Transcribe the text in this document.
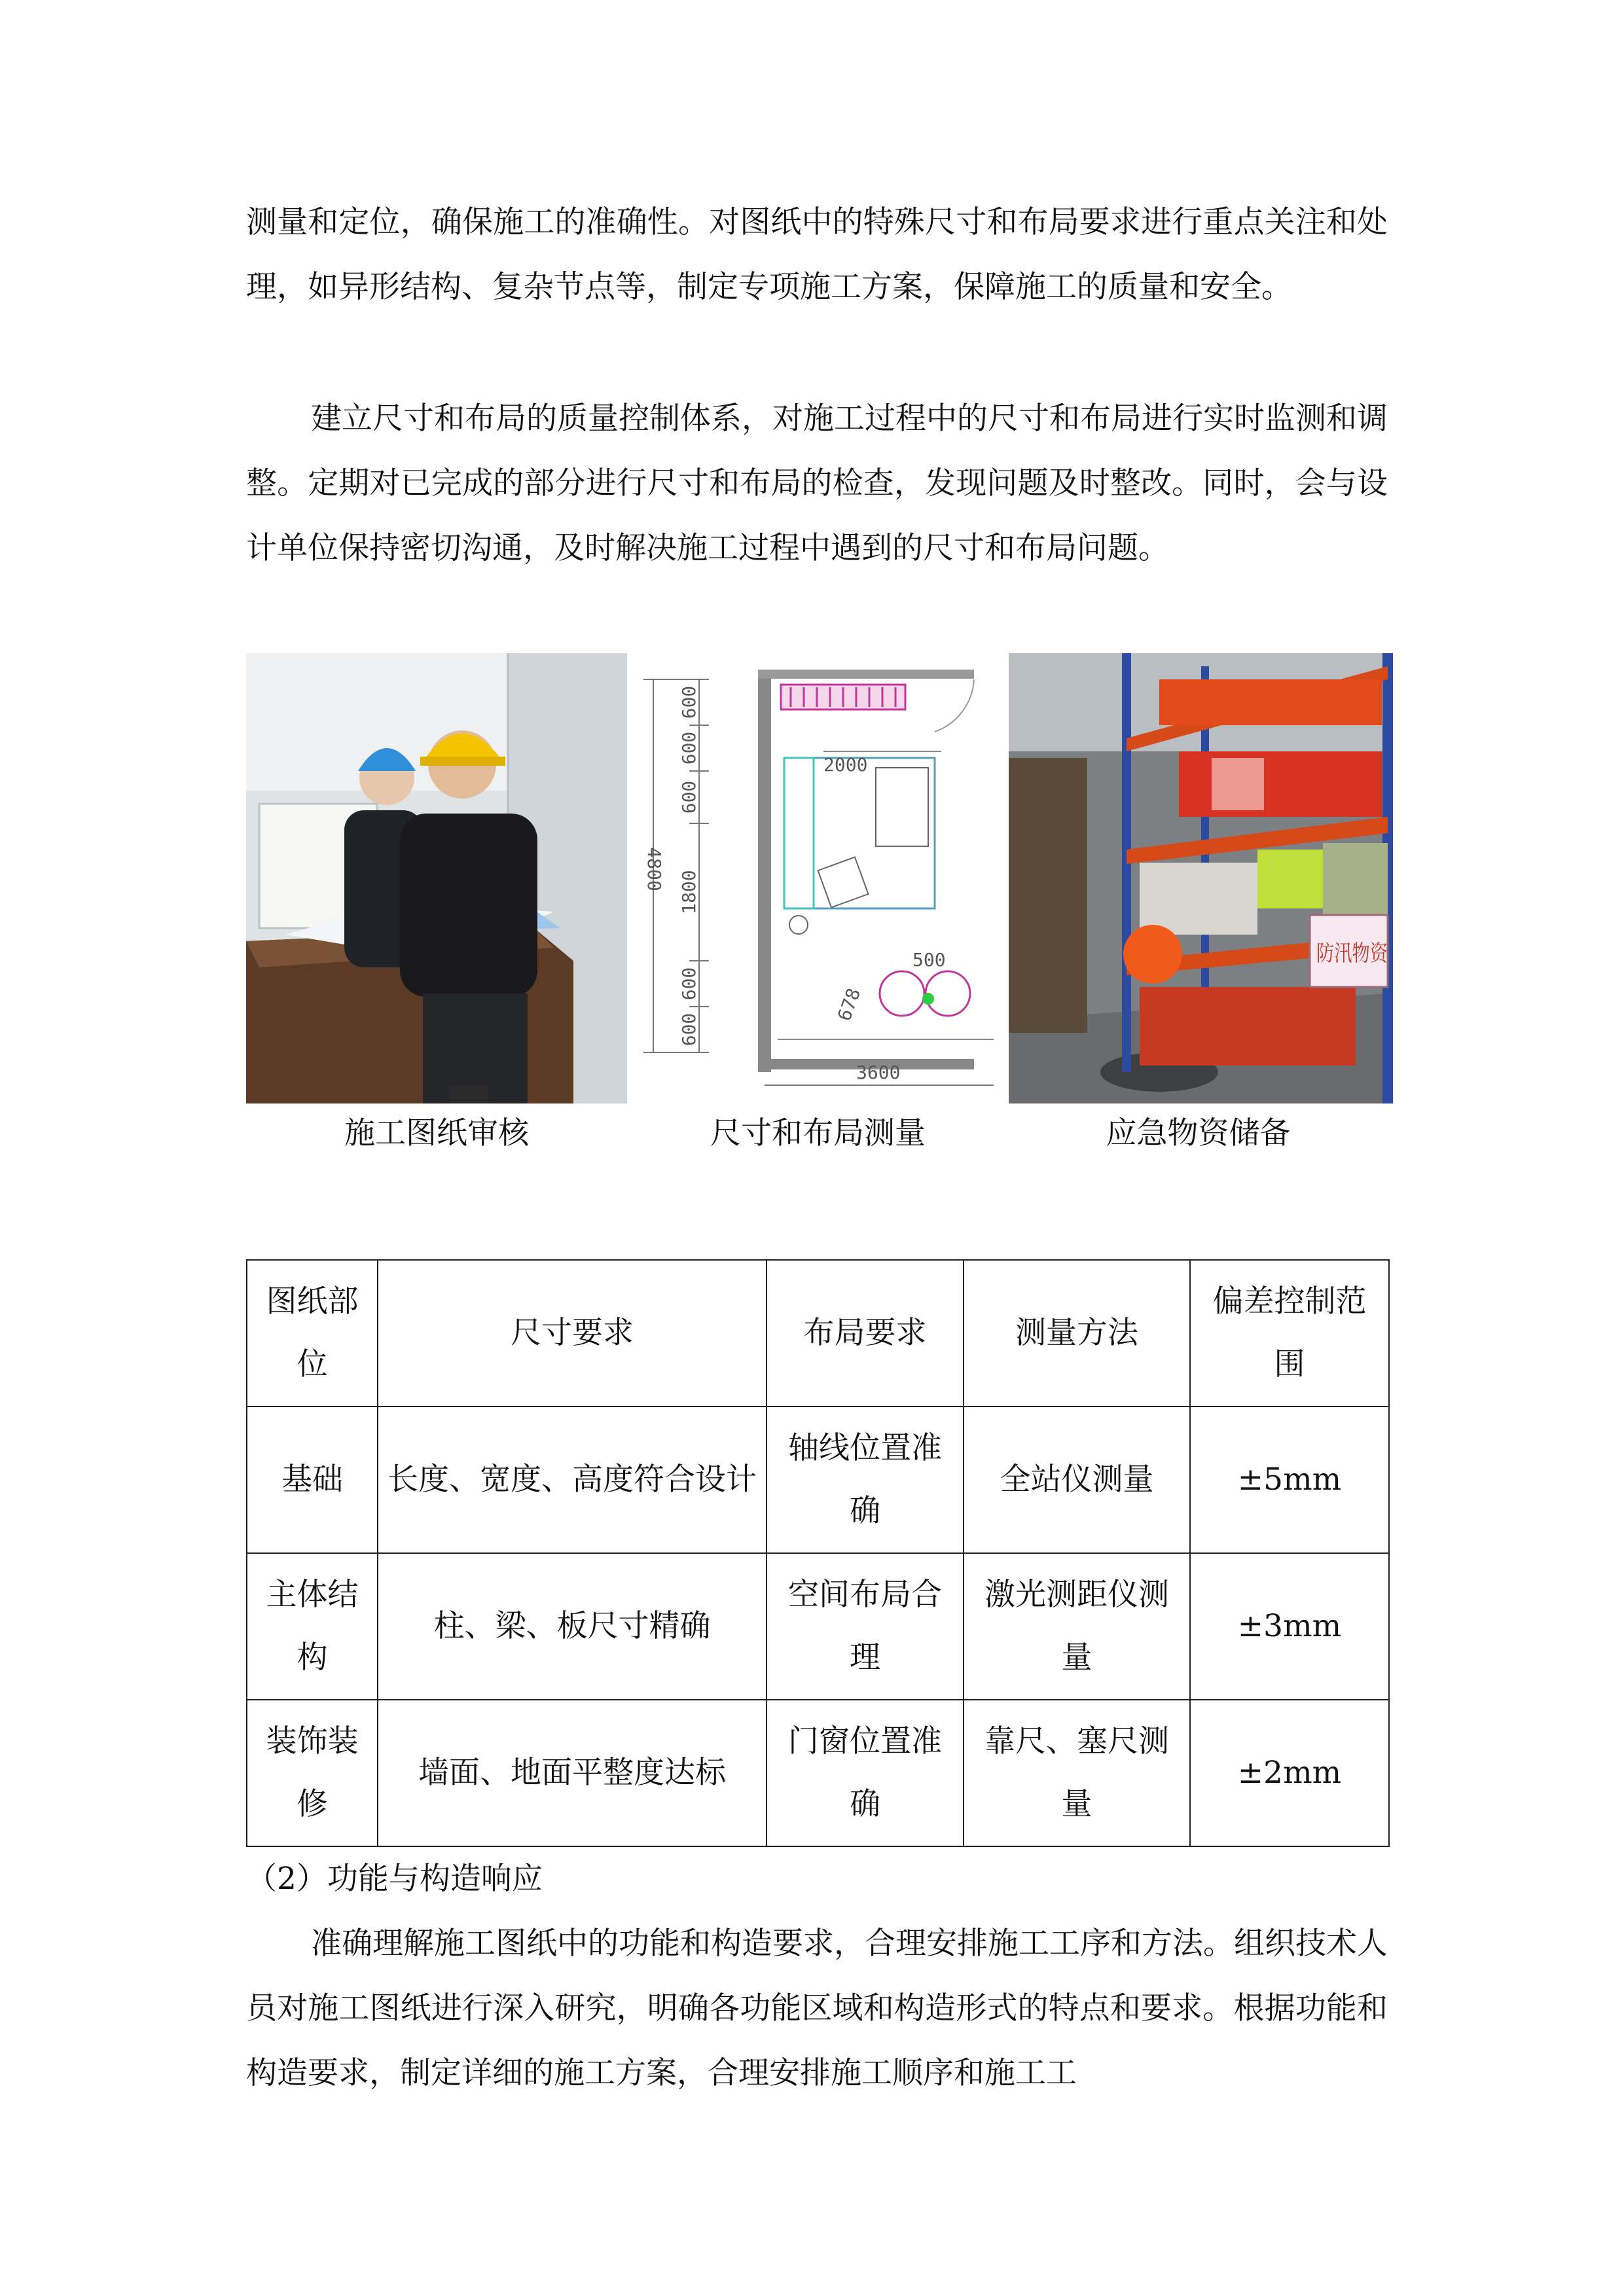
测量和定位，确保施工的准确性。对图纸中的特殊尺寸和布局要求进行重点关注和处理，如异形结构、复杂节点等，制定专项施工方案，保障施工的质量和安全。

建立尺寸和布局的质量控制体系，对施工过程中的尺寸和布局进行实时监测和调整。定期对已完成的部分进行尺寸和布局的检查，发现问题及时整改。同时，会与设计单位保持密切沟通，及时解决施工过程中遇到的尺寸和布局问题。

4800
600
600
600
1800
600
600
2000
500
678
3600
防汛物资
施工图纸审核	尺寸和布局测量	应急物资储备
图纸部位	尺寸要求	布局要求	测量方法	偏差控制范围
基础	长度、宽度、高度符合设计	轴线位置准确	全站仪测量	±5mm
主体结构	柱、梁、板尺寸精确	空间布局合理	激光测距仪测量	±3mm
装饰装修	墙面、地面平整度达标	门窗位置准确	靠尺、塞尺测量	±2mm
（2）功能与构造响应

准确理解施工图纸中的功能和构造要求，合理安排施工工序和方法。组织技术人员对施工图纸进行深入研究，明确各功能区域和构造形式的特点和要求。根据功能和构造要求，制定详细的施工方案，合理安排施工顺序和施工工
